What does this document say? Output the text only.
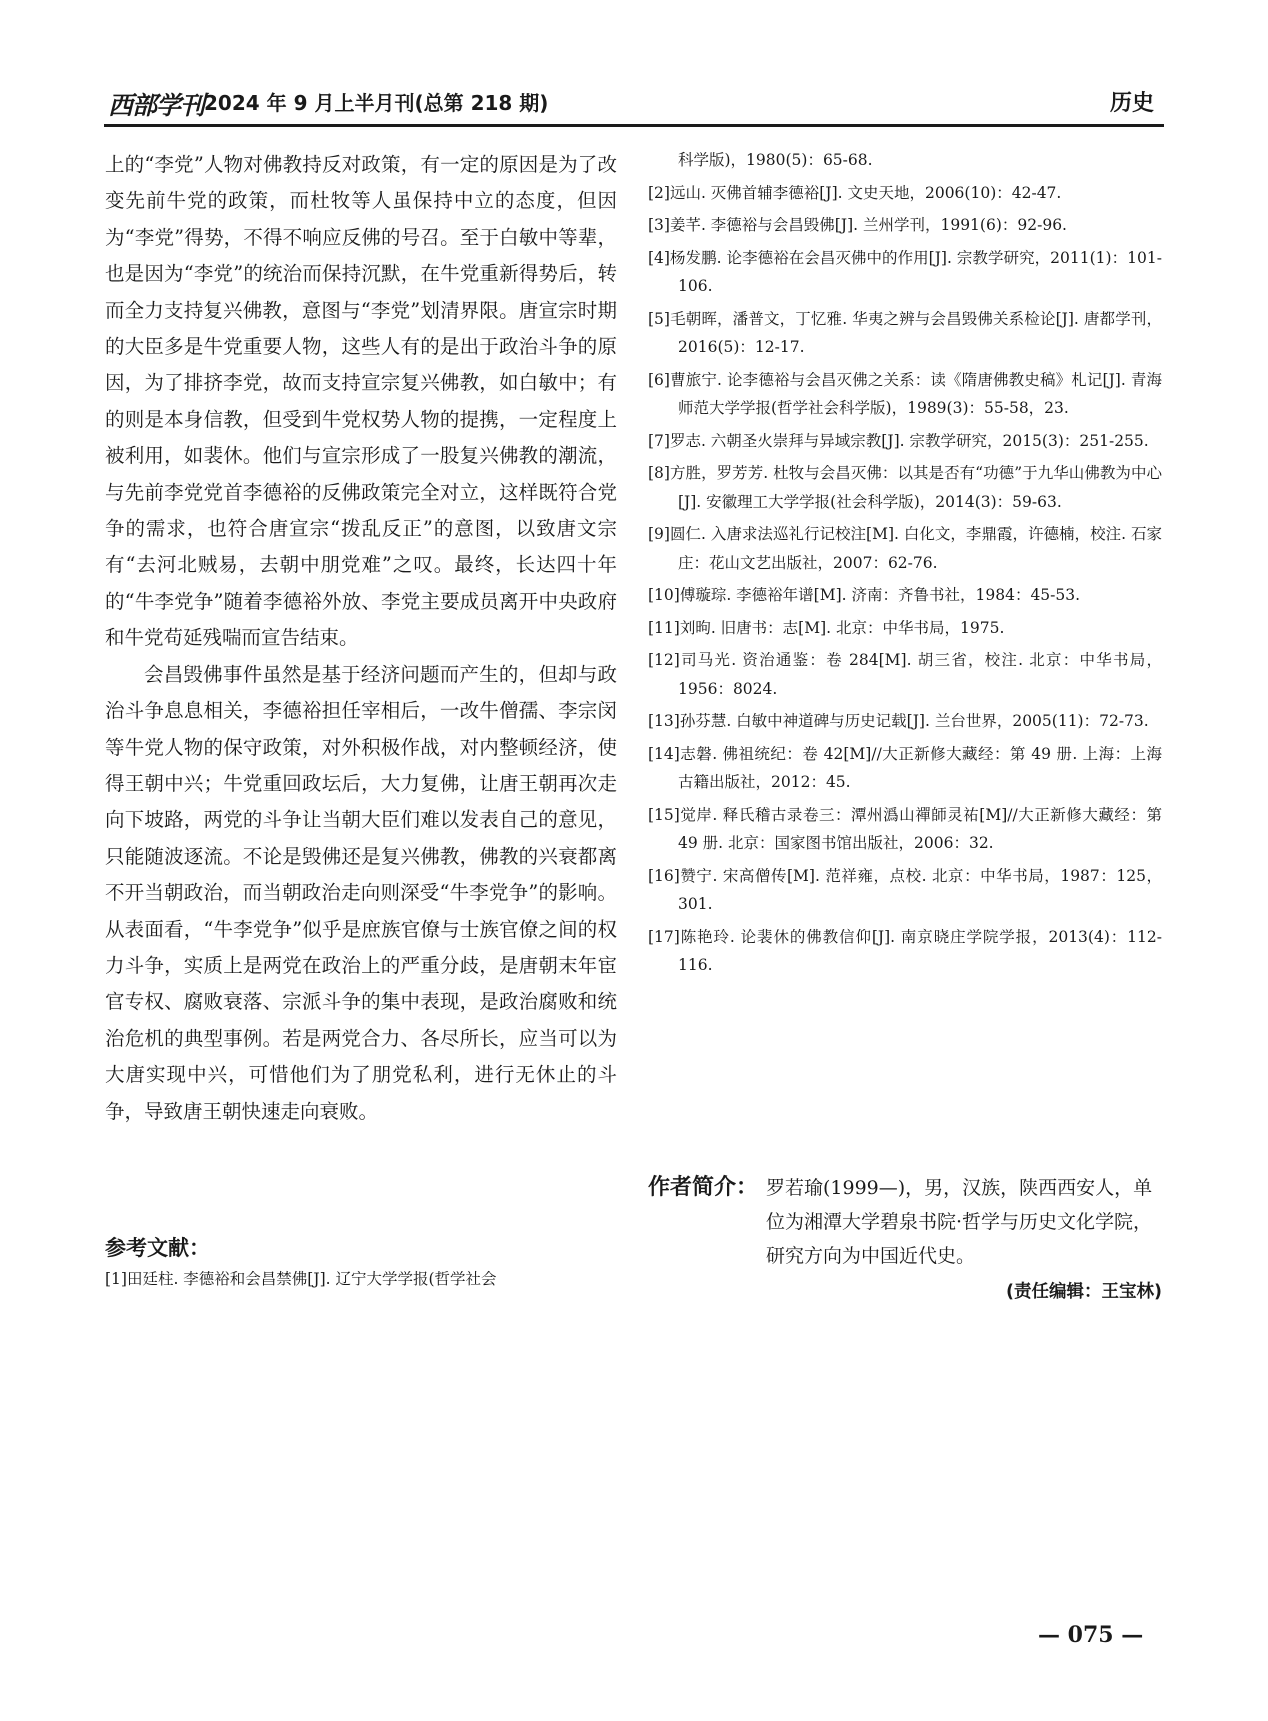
西部学刊 2024 年 9 月上半月刊(总第 218 期)	历史

上的“李党”人物对佛教持反对政策，有一定的原因是为了改变先前牛党的政策，而杜牧等人虽保持中立的态度，但因为“李党”得势，不得不响应反佛的号召。至于白敏中等辈，也是因为“李党”的统治而保持沉默，在牛党重新得势后，转而全力支持复兴佛教，意图与“李党”划清界限。唐宣宗时期的大臣多是牛党重要人物，这些人有的是出于政治斗争的原因，为了排挤李党，故而支持宣宗复兴佛教，如白敏中；有的则是本身信教，但受到牛党权势人物的提携，一定程度上被利用，如裴休。他们与宣宗形成了一股复兴佛教的潮流，与先前李党党首李德裕的反佛政策完全对立，这样既符合党争的需求，也符合唐宣宗“拨乱反正”的意图，以致唐文宗有“去河北贼易，去朝中朋党难”之叹。最终，长达四十年的“牛李党争”随着李德裕外放、李党主要成员离开中央政府和牛党苟延残喘而宣告结束。

会昌毁佛事件虽然是基于经济问题而产生的，但却与政治斗争息息相关，李德裕担任宰相后，一改牛僧孺、李宗闵等牛党人物的保守政策，对外积极作战，对内整顿经济，使得王朝中兴；牛党重回政坛后，大力复佛，让唐王朝再次走向下坡路，两党的斗争让当朝大臣们难以发表自己的意见，只能随波逐流。不论是毁佛还是复兴佛教，佛教的兴衰都离不开当朝政治，而当朝政治走向则深受“牛李党争”的影响。从表面看，“牛李党争”似乎是庶族官僚与士族官僚之间的权力斗争，实质上是两党在政治上的严重分歧，是唐朝末年宦官专权、腐败衰落、宗派斗争的集中表现，是政治腐败和统治危机的典型事例。若是两党合力、各尽所长，应当可以为大唐实现中兴，可惜他们为了朋党私利，进行无休止的斗争，导致唐王朝快速走向衰败。

参考文献：
[1]田廷柱. 李德裕和会昌禁佛[J]. 辽宁大学学报(哲学社会

科学版)，1980(5)：65-68.

[2]远山. 灭佛首辅李德裕[J]. 文史天地，2006(10)：42-47.

[3]姜芊. 李德裕与会昌毁佛[J]. 兰州学刊，1991(6)：92-96.

[4]杨发鹏. 论李德裕在会昌灭佛中的作用[J]. 宗教学研究，2011(1)：101-106.

[5]毛朝晖，潘普文，丁忆雅. 华夷之辨与会昌毁佛关系检论[J]. 唐都学刊，2016(5)：12-17.

[6]曹旅宁. 论李德裕与会昌灭佛之关系：读《隋唐佛教史稿》札记[J]. 青海师范大学学报(哲学社会科学版)，1989(3)：55-58，23.

[7]罗志. 六朝圣火崇拜与异域宗教[J]. 宗教学研究，2015(3)：251-255.

[8]方胜，罗芳芳. 杜牧与会昌灭佛：以其是否有“功德”于九华山佛教为中心[J]. 安徽理工大学学报(社会科学版)，2014(3)：59-63.

[9]圆仁. 入唐求法巡礼行记校注[M]. 白化文，李鼎霞，许德楠，校注. 石家庄：花山文艺出版社，2007：62-76.

[10]傅璇琮. 李德裕年谱[M]. 济南：齐鲁书社，1984：45-53.

[11]刘昫. 旧唐书：志[M]. 北京：中华书局，1975.

[12]司马光. 资治通鉴：卷 284[M]. 胡三省，校注. 北京：中华书局，1956：8024.

[13]孙芬慧. 白敏中神道碑与历史记载[J]. 兰台世界，2005(11)：72-73.

[14]志磐. 佛祖统纪：卷 42[M]//大正新修大藏经：第 49 册. 上海：上海古籍出版社，2012：45.

[15]觉岸. 释氏稽古录卷三：潭州潙山禪師灵祐[M]//大正新修大藏经：第 49 册. 北京：国家图书馆出版社，2006：32.

[16]赞宁. 宋高僧传[M]. 范祥雍，点校. 北京：中华书局，1987：125，301.

[17]陈艳玲. 论裴休的佛教信仰[J]. 南京晓庄学院学报，2013(4)：112-116.

作者简介： 罗若瑜(1999—)，男，汉族，陕西西安人，单位为湘潭大学碧泉书院·哲学与历史文化学院，研究方向为中国近代史。
(责任编辑：王宝林)
— 075 —
